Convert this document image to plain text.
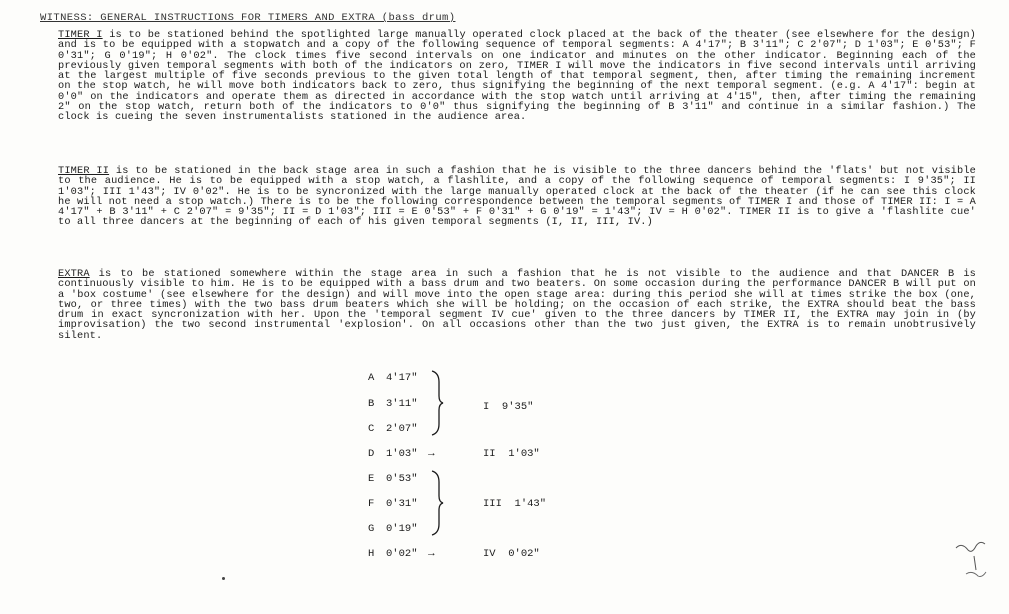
WITNESS: GENERAL INSTRUCTIONS FOR TIMERS AND EXTRA (bass drum)
TIMER I is to be stationed behind the spotlighted large manually operated clock placed at the back of the theater (see elsewhere for the design) and is to be equipped with a stopwatch and a copy of the following sequence of temporal segments: A 4'17"; B 3'11"; C 2'07"; D 1'03"; E 0'53"; F 0'31"; G 0'19"; H 0'02". The clock times five second intervals on one indicator and minutes on the other indicator. Beginning each of the previously given temporal segments with both of the indicators on zero, TIMER I will move the indicators in five second intervals until arriving at the largest multiple of five seconds previous to the given total length of that temporal segment, then, after timing the remaining increment on the stop watch, he will move both indicators back to zero, thus signifying the beginning of the next temporal segment. (e.g. A 4'17": begin at 0'0" on the indicators and operate them as directed in accordance with the stop watch until arriving at 4'15", then, after timing the remaining 2" on the stop watch, return both of the indicators to 0'0" thus signifying the beginning of B 3'11" and continue in a similar fashion.) The clock is cueing the seven instrumentalists stationed in the audience area.
TIMER II is to be stationed in the back stage area in such a fashion that he is visible to the three dancers behind the 'flats' but not visible to the audience. He is to be equipped with a stop watch, a flashlite, and a copy of the following sequence of temporal segments: I 9'35"; II 1'03"; III 1'43"; IV 0'02". He is to be syncronized with the large manually operated clock at the back of the theater (if he can see this clock he will not need a stop watch.) There is to be the following correspondence between the temporal segments of TIMER I and those of TIMER II: I = A 4'17" + B 3'11" + C 2'07" = 9'35"; II = D 1'03"; III = E 0'53" + F 0'31" + G 0'19" = 1'43"; IV = H 0'02". TIMER II is to give a 'flashlite cue' to all three dancers at the beginning of each of his given temporal segments (I, II, III, IV.)
EXTRA is to be stationed somewhere within the stage area in such a fashion that he is not visible to the audience and that DANCER B is continuously visible to him. He is to be equipped with a bass drum and two beaters. On some occasion during the performance DANCER B will put on a 'box costume' (see elsewhere for the design) and will move into the open stage area: during this period she will at times strike the box (one, two, or three times) with the two bass drum beaters which she will be holding; on the occasion of each strike, the EXTRA should beat the bass drum in exact syncronization with her. Upon the 'temporal segment IV cue' given to the three dancers by TIMER II, the EXTRA may join in (by improvisation) the two second instrumental 'explosion'. On all occasions other than the two just given, the EXTRA is to remain unobtrusively silent.
A 4'17"
B 3'11"
C 2'07"
D 1'03"
E 0'53"
F 0'31"
G 0'19"
H 0'02"
→
→
I 9'35"
II 1'03"
III 1'43"
IV 0'02"
